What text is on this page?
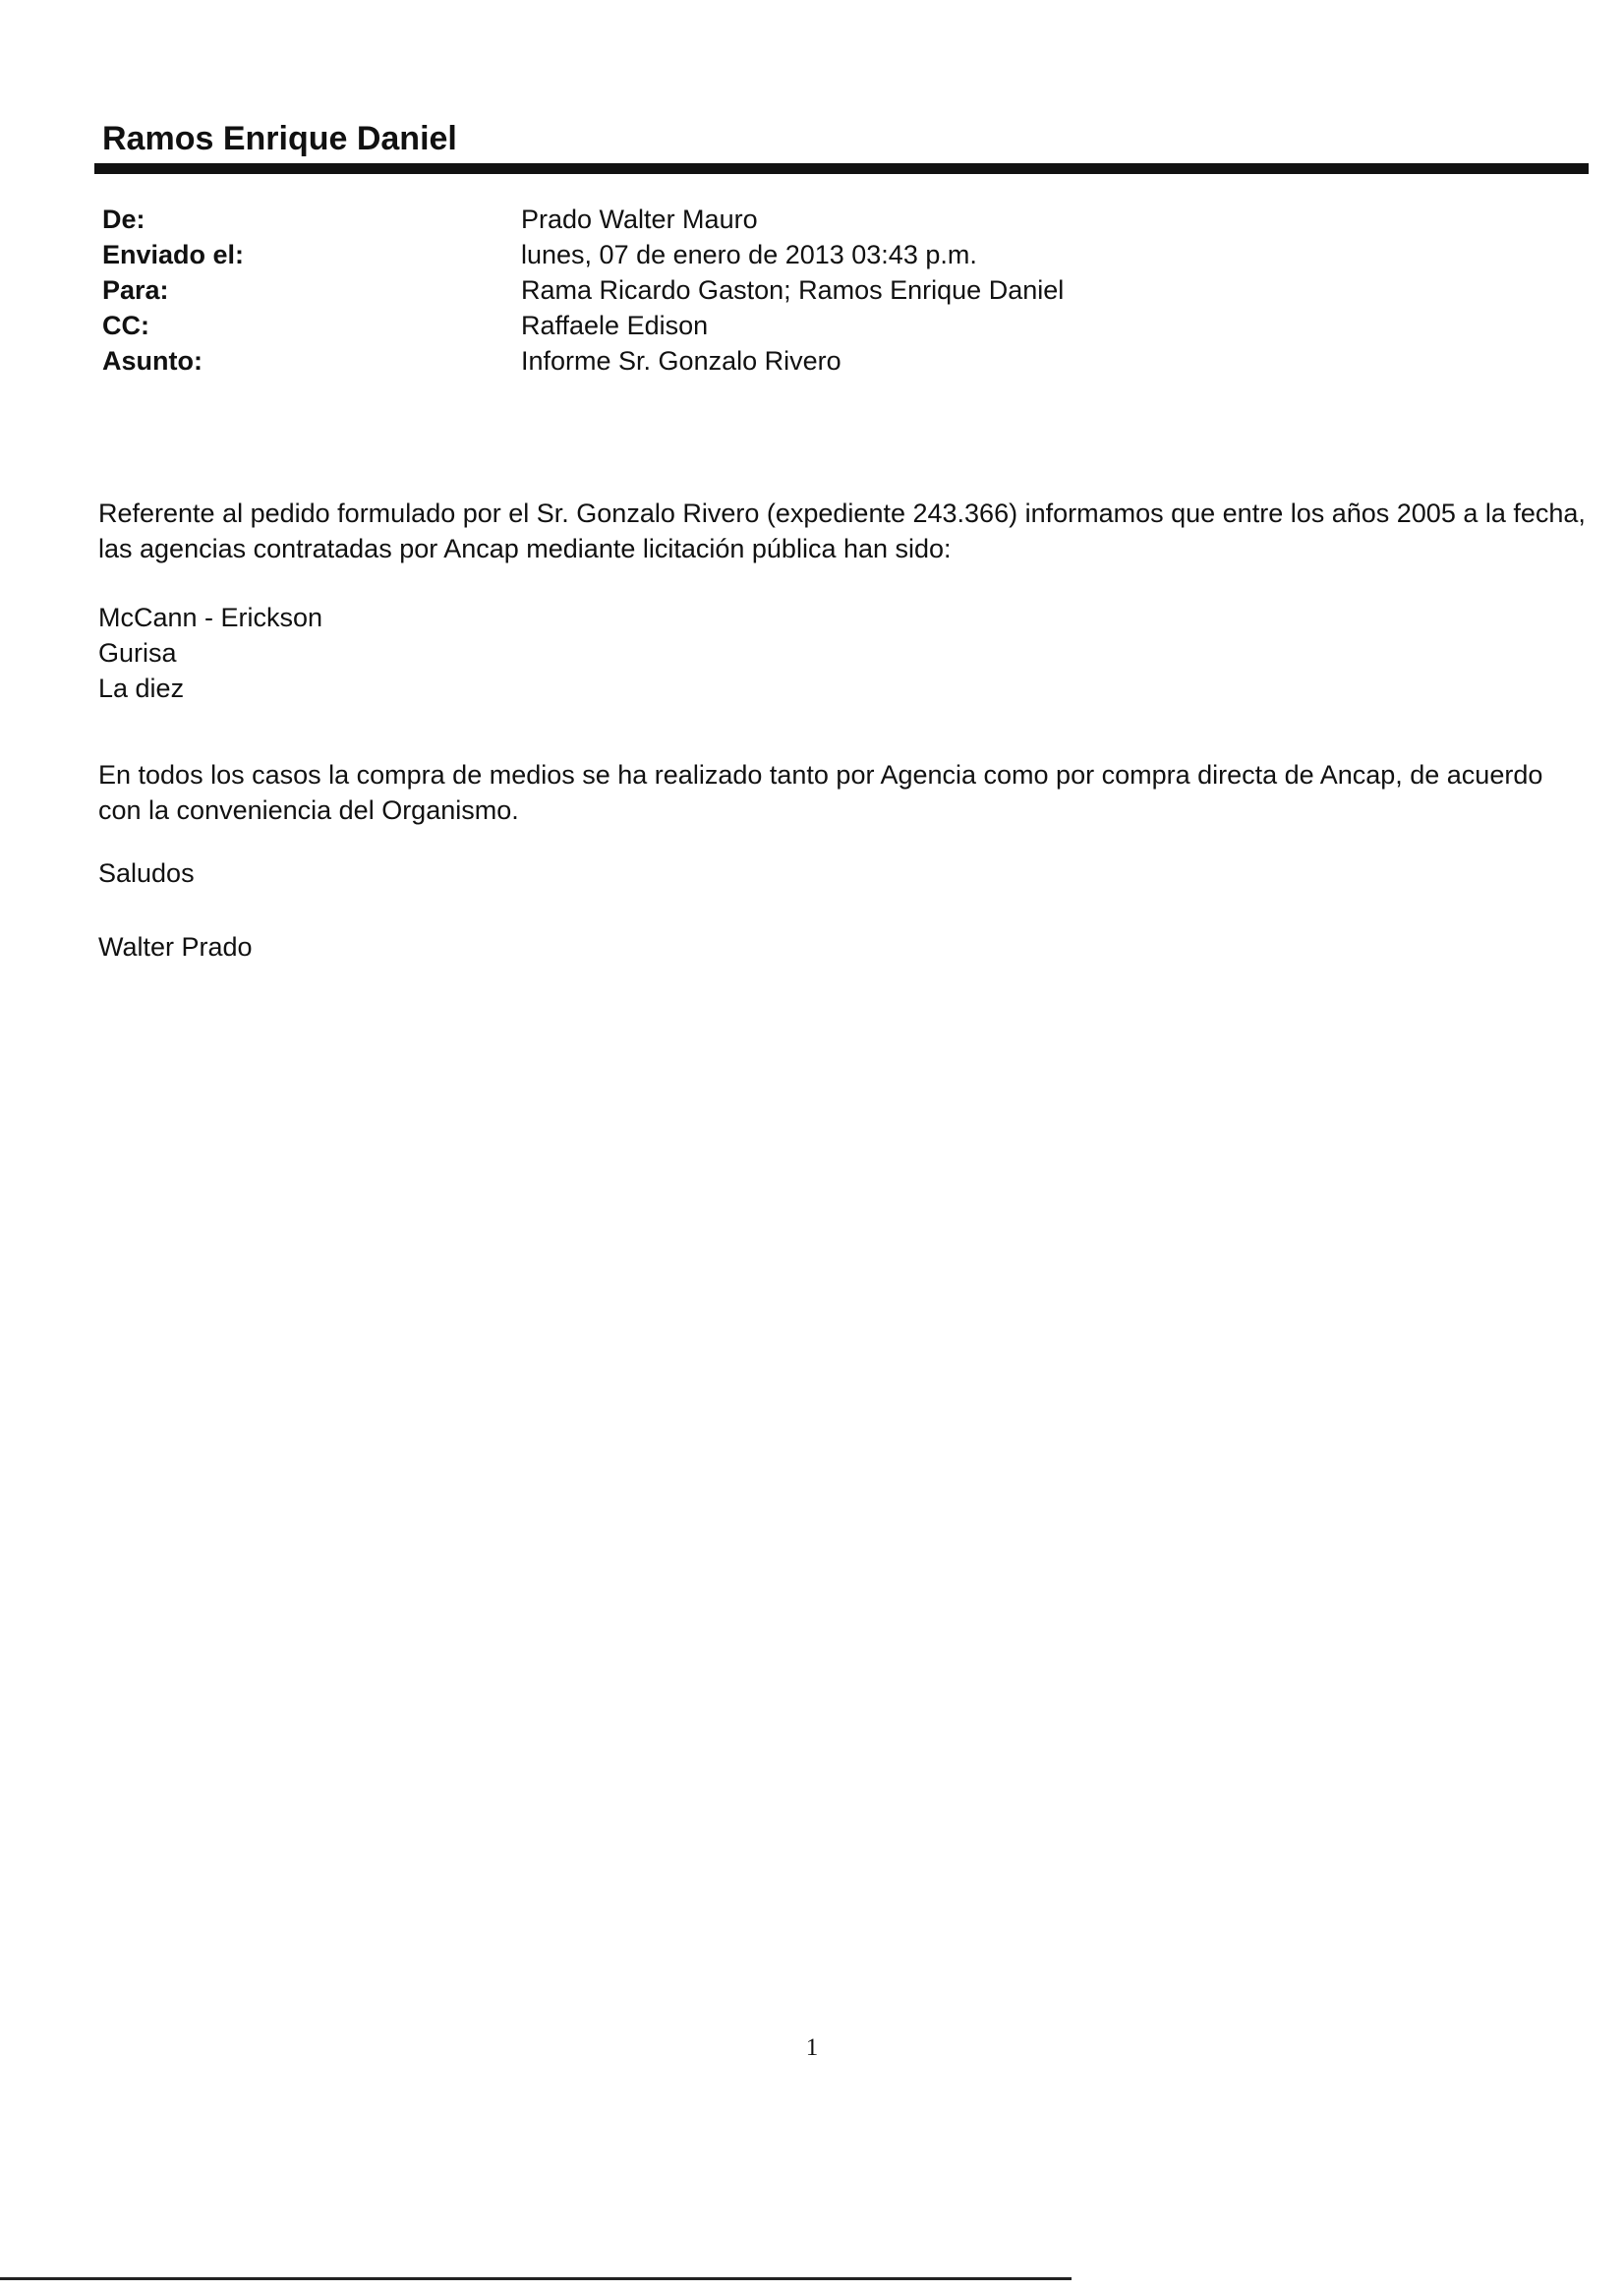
Ramos Enrique Daniel
De:	Prado Walter Mauro
Enviado el:	lunes, 07 de enero de 2013 03:43 p.m.
Para:	Rama Ricardo Gaston; Ramos Enrique Daniel
CC:	Raffaele Edison
Asunto:	Informe Sr. Gonzalo Rivero

Referente al pedido formulado por el Sr. Gonzalo Rivero (expediente 243.366) informamos que entre los años 2005 a la fecha, las agencias contratadas por Ancap mediante licitación pública han sido:

McCann - Erickson
Gurisa
La diez

En todos los casos la compra de medios se ha realizado tanto por Agencia como por compra directa de Ancap, de acuerdo con la conveniencia del Organismo.

Saludos
Walter Prado
1
